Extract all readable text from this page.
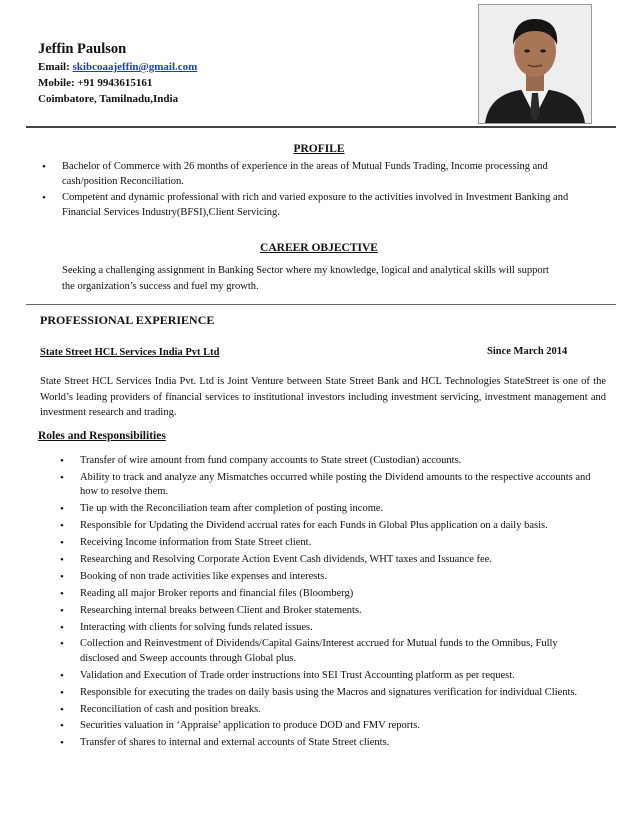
Jeffin Paulson
Email: skibcoaajeffin@gmail.com
Mobile: +91 9943615161
Coimbatore, Tamilnadu,India
PROFILE
• Bachelor of Commerce with 26 months of experience in the areas of Mutual Funds Trading, Income processing and cash/position Reconciliation.
• Competent and dynamic professional with rich and varied exposure to the activities involved in Investment Banking and Financial Services Industry(BFSI),Client Servicing.
CAREER OBJECTIVE
Seeking a challenging assignment in Banking Sector where my knowledge, logical and analytical skills will support the organization’s success and fuel my growth.
PROFESSIONAL EXPERIENCE
State Street HCL Services India Pvt Ltd	Since March 2014
State Street HCL Services India Pvt. Ltd is Joint Venture between State Street Bank and HCL Technologies StateStreet is one of the World’s leading providers of financial services to institutional investors including investment servicing, investment management and investment research and trading.
Roles and Responsibilities
• Transfer of wire amount from fund company accounts to State street (Custodian) accounts.
• Ability to track and analyze any Mismatches occurred while posting the Dividend amounts to the respective accounts and how to resolve them.
• Tie up with the Reconciliation team after completion of posting income.
• Responsible for Updating the Dividend accrual rates for each Funds in Global Plus application on a daily basis.
• Receiving Income information from State Street client.
• Researching and Resolving Corporate Action Event Cash dividends, WHT taxes and Issuance fee.
• Booking of non trade activities like expenses and interests.
• Reading all major Broker reports and financial files (Bloomberg)
• Researching internal breaks between Client and Broker statements.
• Interacting with clients for solving funds related issues.
• Collection and Reinvestment of Dividends/Capital Gains/Interest accrued for Mutual funds to the Omnibus, Fully disclosed and Sweep accounts through Global plus.
• Validation and Execution of Trade order instructions into SEI Trust Accounting platform as per request.
• Responsible for executing the trades on daily basis using the Macros and signatures verification for individual Clients.
• Reconciliation of cash and position breaks.
• Securities valuation in ‘Appraise’ application to produce DOD and FMV reports.
• Transfer of shares to internal and external accounts of State Street clients.
